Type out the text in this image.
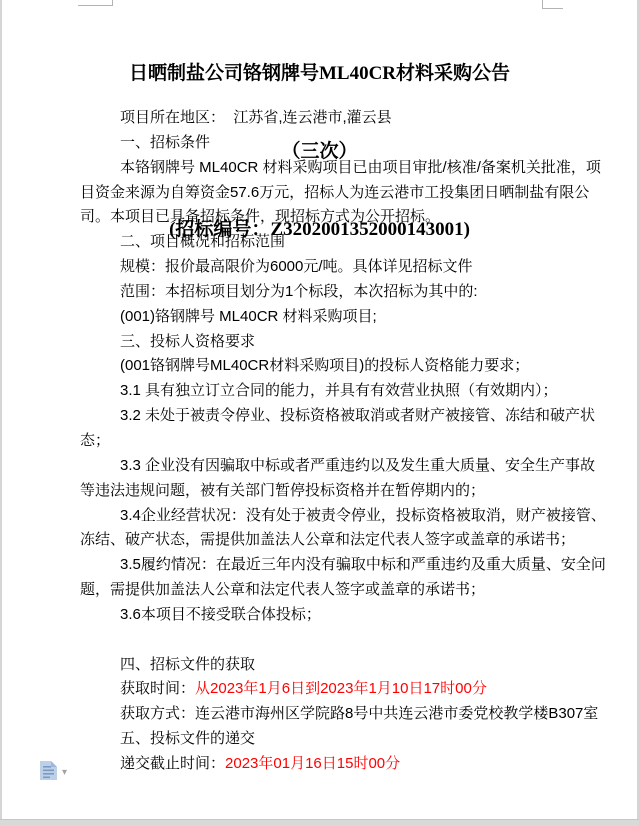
日晒制盐公司铬钢牌号ML40CR材料采购公告

（三次）

(招标编号：Z3202001352000143001)

项目所在地区：  江苏省,连云港市,灌云县
一、招标条件
本铬钢牌号 ML40CR 材料采购项目已由项目审批/核准/备案机关批准，项
目资金来源为自筹资金57.6万元，招标人为连云港市工投集团日晒制盐有限公
司。本项目已具备招标条件，现招标方式为公开招标。
二、项目概况和招标范围
规模：报价最高限价为6000元/吨。具体详见招标文件
范围：本招标项目划分为1个标段，本次招标为其中的:
(001)铬钢牌号 ML40CR 材料采购项目;
三、投标人资格要求
(001铬钢牌号ML40CR材料采购项目)的投标人资格能力要求；
3.1 具有独立订立合同的能力，并具有有效营业执照（有效期内）；
3.2 未处于被责令停业、投标资格被取消或者财产被接管、冻结和破产状
态；
3.3 企业没有因骗取中标或者严重违约以及发生重大质量、安全生产事故
等违法违规问题，被有关部门暂停投标资格并在暂停期内的；
3.4企业经营状况：没有处于被责令停业，投标资格被取消，财产被接管、
冻结、破产状态，需提供加盖法人公章和法定代表人签字或盖章的承诺书；
3.5履约情况：在最近三年内没有骗取中标和严重违约及重大质量、安全问
题，需提供加盖法人公章和法定代表人签字或盖章的承诺书；
3.6本项目不接受联合体投标；
四、招标文件的获取
获取时间：从2023年1月6日到2023年1月10日17时00分
获取方式：连云港市海州区学院路8号中共连云港市委党校教学楼B307室
五、投标文件的递交
递交截止时间：2023年01月16日15时00分
▾
